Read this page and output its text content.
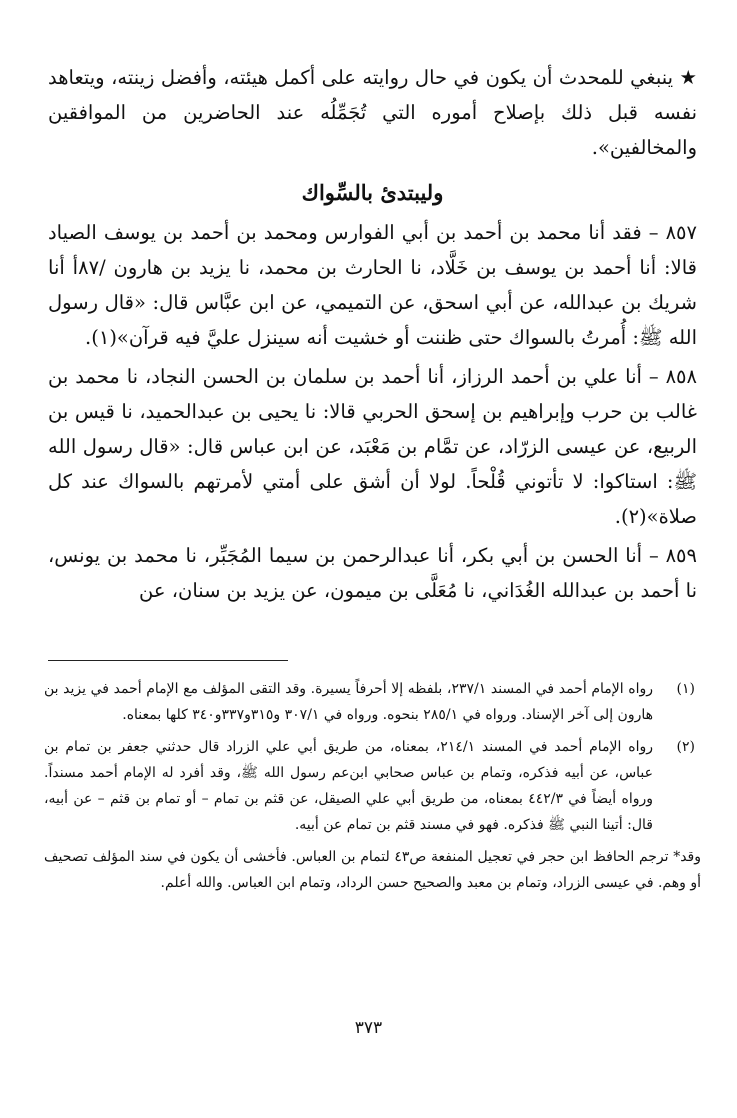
★ ينبغي للمحدث أن يكون في حال روايته على أكمل هيئته، وأفضل زينته، ويتعاهد نفسه قبل ذلك بإصلاح أموره التي تُجَمِّلُه عند الحاضرين من الموافقين والمخالفين».

وليبتدئ بالسِّواك

٨٥٧ – فقد أنا محمد بن أحمد بن أبي الفوارس ومحمد بن أحمد بن يوسف الصياد قالا: أنا أحمد بن يوسف بن خَلَّاد، نا الحارث بن محمد، نا يزيد بن هارون /٨٧أ أنا شريك بن عبدالله، عن أبي اسحق، عن التميمي، عن ابن عبَّاس قال: «قال رسول الله ﷺ: أُمرتُ بالسواك حتى ظننت أو خشيت أنه سينزل عليَّ فيه قرآن»(١).

٨٥٨ – أنا علي بن أحمد الرزاز، أنا أحمد بن سلمان بن الحسن النجاد، نا محمد بن غالب بن حرب وإبراهيم بن إسحق الحربي قالا: نا يحيى بن عبدالحميد، نا قيس بن الربيع، عن عيسى الزرّاد، عن تمَّام بن مَعْبَد، عن ابن عباس قال: «قال رسول الله ﷺ: استاكوا: لا تأتوني قُلْحاً. لولا أن أشق على أمتي لأمرتهم بالسواك عند كل صلاة»(٢).

٨٥٩ – أنا الحسن بن أبي بكر، أنا عبدالرحمن بن سيما المُجَبِّر، نا محمد بن يونس، نا أحمد بن عبدالله الغُدَاني، نا مُعَلَّى بن ميمون، عن يزيد بن سنان، عن

(١)
رواه الإمام أحمد في المسند ٢٣٧/١، بلفظه إلا أحرفاً يسيرة. وقد التقى المؤلف مع الإمام أحمد في يزيد بن هارون إلى آخر الإسناد. ورواه في ٢٨٥/١ بنحوه. ورواه في ٣٠٧/١ و٣١٥و٣٣٧و٣٤٠ كلها بمعناه.
(٢)
رواه الإمام أحمد في المسند ٢١٤/١، بمعناه، من طريق أبي علي الزراد قال حدثني جعفر بن تمام بن عباس، عن أبيه فذكره، وتمام بن عباس صحابي ابن‌عم رسول الله ﷺ، وقد أفرد له الإمام أحمد مسنداً. ورواه أيضاً في ٤٤٢/٣ بمعناه، من طريق أبي علي الصيقل، عن قثم بن تمام – أو تمام بن قثم – عن أبيه، قال: أتينا النبي ﷺ فذكره. فهو في مسند قثم بن تمام عن أبيه.
وقد* ترجم الحافظ ابن حجر في تعجيل المنفعة ص٤٣ لتمام بن العباس. فأخشى أن يكون في سند المؤلف تصحيف أو وهم. في عيسى الزراد، وتمام بن معبد والصحيح حسن الرداد، وتمام ابن العباس. والله أعلم.
٣٧٣
